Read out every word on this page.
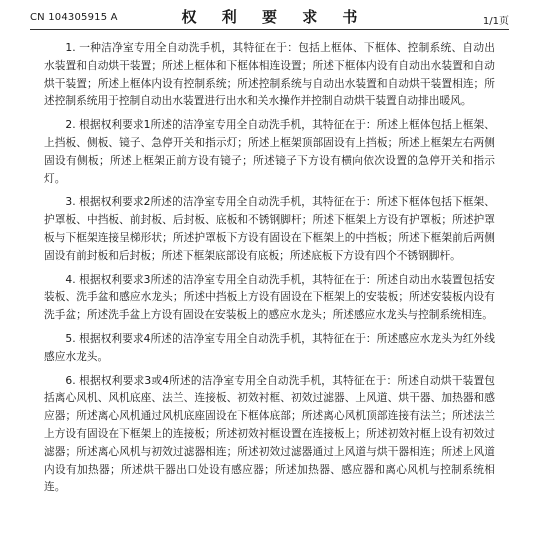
CN 104305915 A	权 利 要 求 书	1/1页

1. 一种洁净室专用全自动洗手机，其特征在于：包括上框体、下框体、控制系统、自动出水装置和自动烘干装置；所述上框体和下框体相连设置；所述下框体内设有自动出水装置和自动烘干装置；所述上框体内设有控制系统；所述控制系统与自动出水装置和自动烘干装置相连；所述控制系统用于控制自动出水装置进行出水和关水操作并控制自动烘干装置自动排出暖风。

2. 根据权利要求1所述的洁净室专用全自动洗手机，其特征在于：所述上框体包括上框架、上挡板、侧板、镜子、急停开关和指示灯；所述上框架顶部固设有上挡板；所述上框架左右两侧固设有侧板；所述上框架正前方设有镜子；所述镜子下方设有横向依次设置的急停开关和指示灯。

3. 根据权利要求2所述的洁净室专用全自动洗手机，其特征在于：所述下框体包括下框架、护罩板、中挡板、前封板、后封板、底板和不锈钢脚杆；所述下框架上方设有护罩板；所述护罩板与下框架连接呈梯形状；所述护罩板下方设有固设在下框架上的中挡板；所述下框架前后两侧固设有前封板和后封板；所述下框架底部设有底板；所述底板下方设有四个不锈钢脚杆。

4. 根据权利要求3所述的洁净室专用全自动洗手机，其特征在于：所述自动出水装置包括安装板、洗手盆和感应水龙头；所述中挡板上方设有固设在下框架上的安装板；所述安装板内设有洗手盆；所述洗手盆上方设有固设在安装板上的感应水龙头；所述感应水龙头与控制系统相连。

5. 根据权利要求4所述的洁净室专用全自动洗手机，其特征在于：所述感应水龙头为红外线感应水龙头。

6. 根据权利要求3或4所述的洁净室专用全自动洗手机，其特征在于：所述自动烘干装置包括离心风机、风机底座、法兰、连接板、初效衬框、初效过滤器、上风道、烘干器、加热器和感应器；所述离心风机通过风机底座固设在下框体底部；所述离心风机顶部连接有法兰；所述法兰上方设有固设在下框架上的连接板；所述初效衬框设置在连接板上；所述初效衬框上设有初效过滤器；所述离心风机与初效过滤器相连；所述初效过滤器通过上风道与烘干器相连；所述上风道内设有加热器；所述烘干器出口处设有感应器；所述加热器、感应器和离心风机与控制系统相连。
